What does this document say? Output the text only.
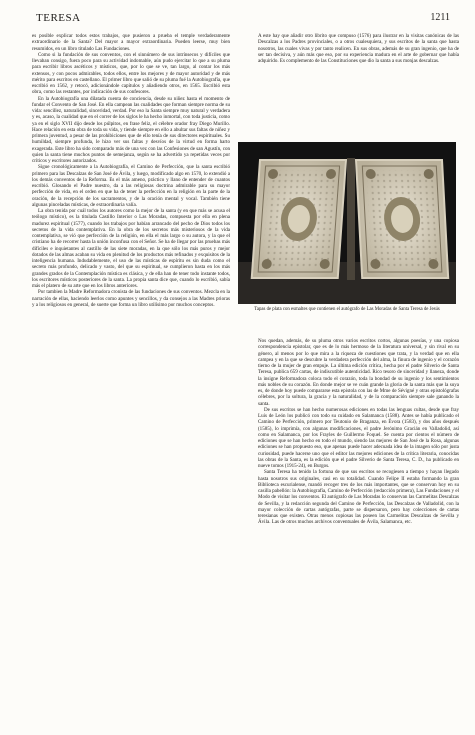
TERESA	1211

es posible explicar todos estos trabajos, que pusieron a prueba el temple verdaderamente extraordinario de la Santa? Del mayor a mayor extraordinaria. Pueden leerse, muy bien resumidos, en un libro titulado Las Fundaciones.

Como si la fundación de sus conventos, con el sinnúmero de sus intrínsecos y difíciles que llevaban consigo, fuera poco para su actividad indomable, aún pudo ejercitar lo que a su pluma para escribir libros ascéticos y místicos, que, por lo que se ve, tan largo, al contar los más extensos, y con pocos admirables, todos ellos, entre los mejores y de mayor autoridad y de más mérito para escritos en castellano. El primer libro que salió de su pluma fué la Autobiografía, que escribió en 1562, y retocó, adicionándole capítulos y añadiendo otros, en 1565. Escribió esta obra, como las restantes, por indicación de sus confesores.

En la Autobiografía una dilatada cuenta de conciencia, desde su niñez hasta el momento de fundar el Convento de San José. En ella campean las cualidades que forman siempre norma de su vida: sencillez, naturalidad, sinceridad, verdad. Por eso la Santa siempre muy natural y verdadera y es, acaso, la cualidad que en el correr de los siglos le ha hecho inmortal, con toda justicia, como ya en el siglo XVII dijo desde los púlpitos, en frase feliz, el célebre orador fray Diego Murillo. Hace relación en esta obra de toda su vida, y tiende siempre en ello a abultar sus faltas de niñez y primera juventud, a pesar de las prohibiciones que de ello tenía de sus directores espirituales. Su humildad, siempre profunda, le hizo ver sus faltas y desvíos de la virtud en forma harto exagerada. Este libro ha sido comparado más de una vez con las Confesiones de san Agustín, con quien la santa tiene muchos puntos de semejanza, según se ha advertido ya repetidas veces por críticos y escritores autorizados.

Sigue cronológicamente a la Autobiografía, el Camino de Perfección, que la santa escribió primero para las Descalzas de San José de Ávila, y luego, modificado algo en 1570, lo extendió a los demás conventos de la Reforma. Es el más ameno, práctico y llano de entender de cuantos escribió. Glosando el Padre nuestro, da a las religiosas doctrina admirable para su mayor perfección de vida, en el orden en que ha de tener la perfección en la religión en la parte de la oración, de la recepción de los sacramentos, y de la oración mental y vocal. También tiene algunas pinceladas místicas, de extraordinaria valía.

La obra tenida por cuál todos los autores como la mejor de la santa (y en que más se acusa el teólogo místico), es la titulada Castillo Interior o Las Moradas, compuesta por ella en plena madurez espiritual (1577), cuando los trabajos por habían arrancado del pecho de Dios todos los secretos de la vida contemplativa. En la obra de los secretos más misteriosos de la vida contemplativa, se vió que perfección de la religión, en ella el más largo o su autora, y la que el cristiano ha de recorrer hasta la unión inconfusa con el Señor. Se ha de llegar por las pruebas más difíciles e inquietantes al castillo de las siete moradas, en la que sólo los más puros y mejor dotados de las almas acaban su vida en plenitud de los productos más refinados y exquisitos de la inteligencia humana. Indudablemente, el uso de las místicas de espíritu es sin duda como el secreto más profundo, delicado y vasto, del que su espiritual, se cumplieron hasta en los más grandes grados de la Contemplación mística es clásica, y de ella han de tener todo instante todos, los escritores místicos posteriores de la santa. La propia santa dice que, cuando lo escribió, sabía más el platero de su arte que en los libros anteriores.

Por tambien la Madre Reformadora cronista de las fundaciones de sus conventos. Mezcla en la narración de ellas, haciendo leerlos como apuntes y sencillos, y da consejos a las Madres prioras y a los religiosos en general, de suerte que forma un libro utilísimo por muchos conceptos.

A este hay que añadir otro librito que compuso (1576) para ilustrar en la visitas canónicas de las Descalzas a los Padres provinciales, o a otros cualesquiera, y sus escritos de la santa que hasta nosotros, las cuales vivas y por tanto realicen. En sus obras, además de su gran ingenio, que ha de ser tan decisiva, y aún más que eso, por su experiencia madura en el arte de gobernar que había adquirido. Es complemento de las Constituciones que dio la santa a sus monjas descalzas.

Tapas de plata con esmaltes que contienen el autógrafo de Las Moradas de Santa Teresa de Jesús

Nos quedan, además, de su pluma otros varios escritos cortos, algunas poesías, y una copiosa correspondencia epistolar, que es de lo más hermoso de la literatura universal, y sin rival en su género, al menos por lo que mira a la riqueza de cuestiones que trata, y la verdad que en ella campea y en la que se descubre la verdadera perfección del alma, la finura de ingenio y el corazón tierno de la mujer de gran empuje. La última edición crítica, hecha por el padre Silverio de Santa Teresa, publica 659 cartas, de indiscutible autenticidad. Rico tesoro de sinceridad y llaneza, donde la insigne Reformadora coloca todo el corazón, toda la bondad de su ingenio y los sentimientos más nobles de su corazón. En donde mejor se ve cuán grande la gloria de la santa más que la suya es, de donde hoy puede compararse esta epistola con las de Mme de Sévigné y otras epistológrafas célebres, por la soltura, la gracia y la naturalidad, y de la comparación siempre sale ganando la santa.

De sus escritos se han hecho numerosas ediciones en todas las lenguas cultas, desde que fray Luis de León los publicó con todo su cuidado en Salamanca (1588). Antes se había publicado el Camino de Perfección, primero por Teutonio de Braganza, en Évora (1583), y dos años después (1585), lo imprimía, con algunas modificaciones, el padre Jerónimo Gracián en Valladolid, así como en Salamanca, por los Frayles de Guillermo Foquel. Se cuenta por cientos el número de ediciones que se han hecho en todo el mundo, siendo las mejores de San José de la Rosa, algunas ediciones se han propuesto eso, que apenas puede hacer adecuada idea de la imagen sólo por justa curiosidad, puede hacerse uno que el editor las mejores ediciones de la crítica literaria, conocidas las obras de la Santa, es la edición que el padre Silverio de Santa Teresa, C. D., ha publicado en nueve tomos (1915-24), en Burgos.

Santa Teresa ha tenido la fortuna de que sus escritos se recogiesen a tiempo y hayan llegado hasta nosotros sus originales, casi en su totalidad. Cuando Felipe II estaba formando la gran Biblioteca escurialense, mandó recoger tres de los más importantes, que se conservan hoy en su casilla pabellón: la Autobiografía, Camino de Perfección (redacción primera), Las Fundaciones y el Modo de visitar los conventos. El autógrafo de Las Moradas lo conservan las Carmelitas Descalzas de Sevilla, y la redacción segunda del Camino de Perfección, las Descalzas de Valladolid, con la mayor colección de cartas autógrafas, parte se dispersaron, pero hay colecciones de cartas teresianas que existen. Otras menos copiosas las poseen las Carmelitas Descalzas de Sevilla y Ávila. Las de otros muchos archivos conventuales de Ávila, Salamanca, etc.
